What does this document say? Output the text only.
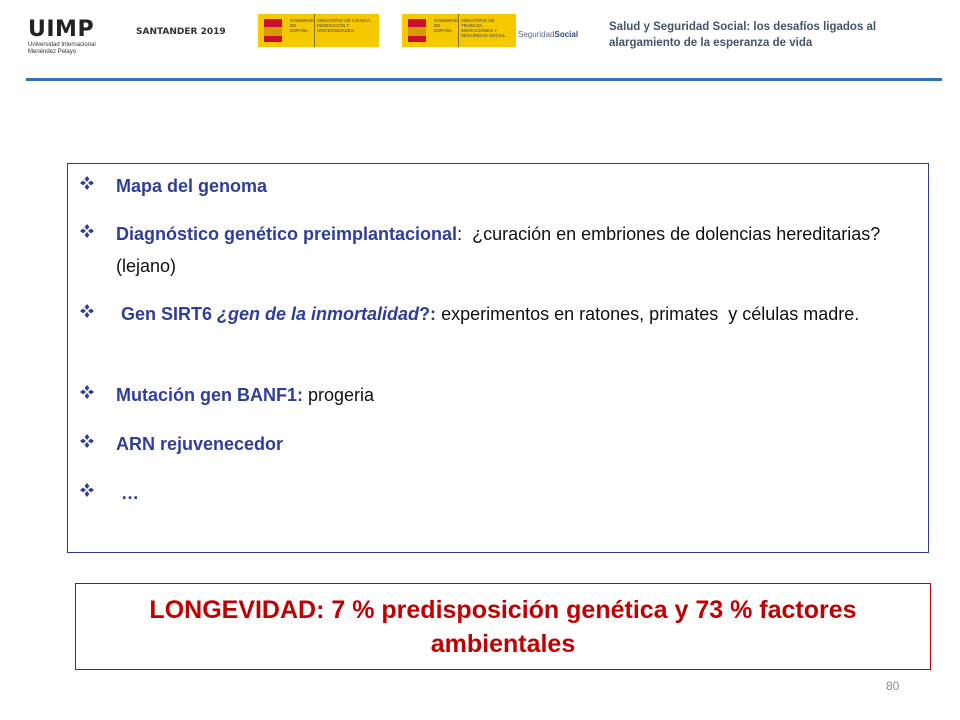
UIMP
Universidad Internacional Menéndez Pelayo
SANTANDER 2019
GOBIERNO DE ESPAÑA
MINISTERIO DE CIENCIA, INNOVACIÓN Y UNIVERSIDADES
GOBIERNO DE ESPAÑA
MINISTERIO DE TRABAJO, MIGRACIONES Y SEGURIDAD SOCIAL	SeguridadSocial
Salud y Seguridad Social: los desafíos ligados al
alargamiento de la esperanza de vida
Mapa del genoma
Diagnóstico genético preimplantacional:  ¿curación en embriones de dolencias hereditarias? (lejano)
Gen SIRT6 ¿gen de la inmortalidad?: experimentos en ratones, primates  y células madre.
Mutación gen BANF1: progeria
ARN rejuvenecedor
…
LONGEVIDAD: 7 % predisposición genética y 73 % factores
ambientales
80
